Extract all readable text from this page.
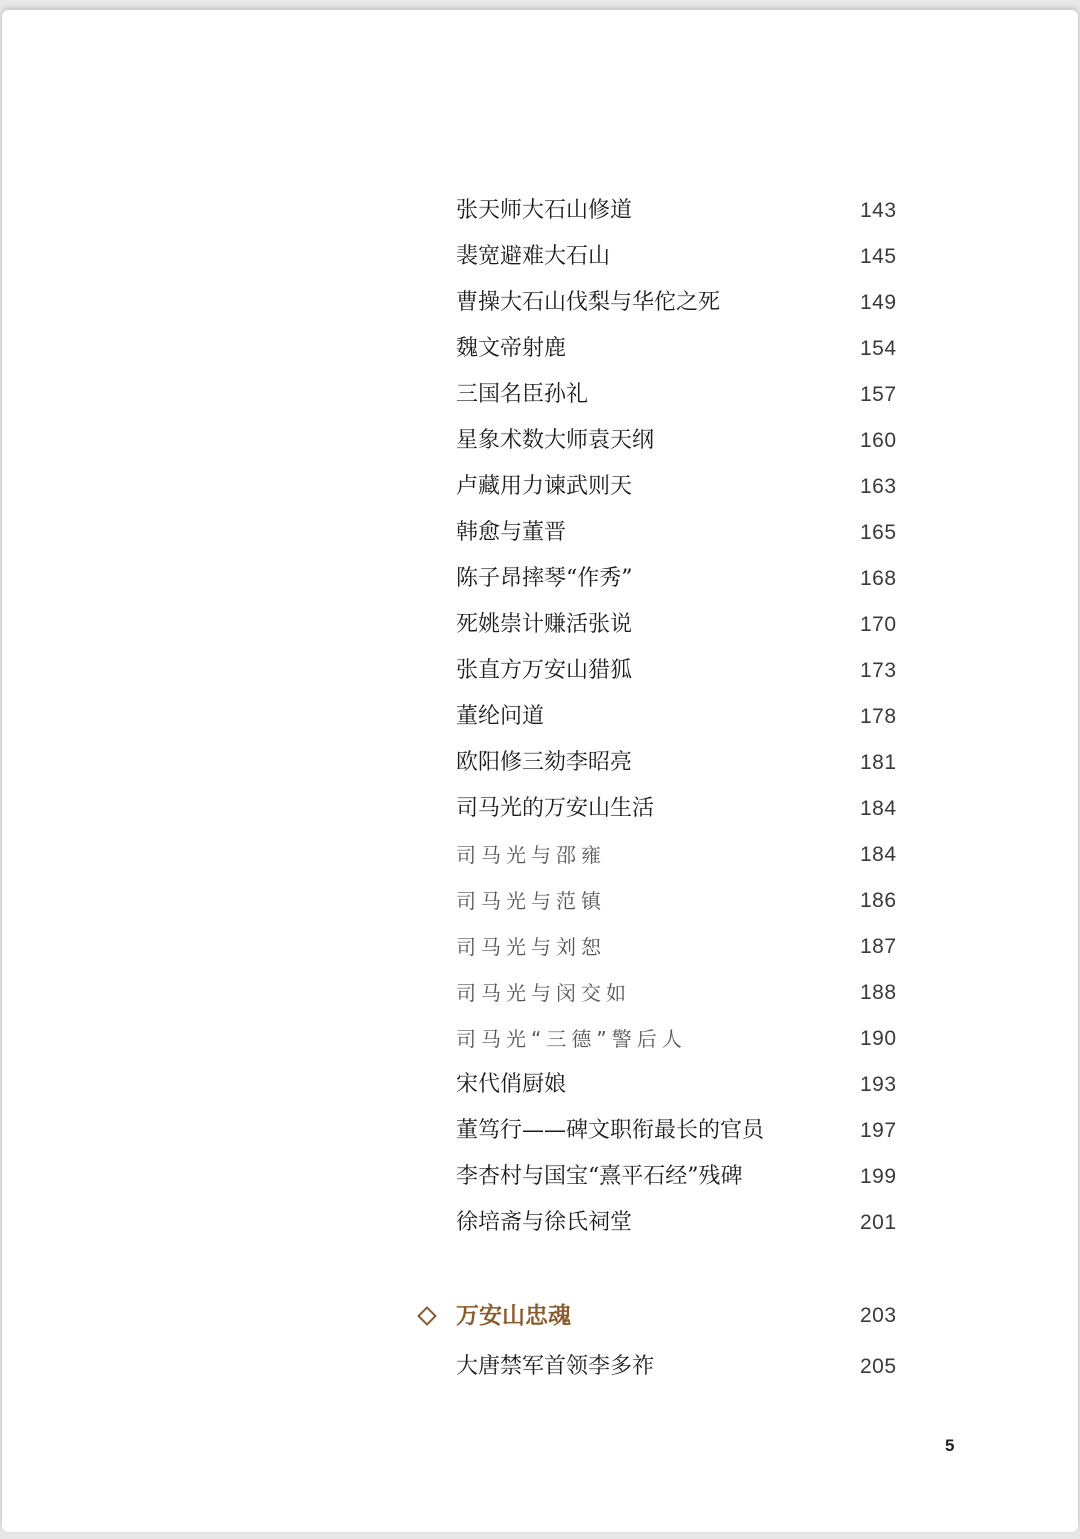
张天师大石山修道	143
裴宽避难大石山	145
曹操大石山伐梨与华佗之死	149
魏文帝射鹿	154
三国名臣孙礼	157
星象术数大师袁天纲	160
卢藏用力谏武则天	163
韩愈与董晋	165
陈子昂摔琴“作秀”	168
死姚崇计赚活张说	170
张直方万安山猎狐	173
董纶问道	178
欧阳修三劾李昭亮	181
司马光的万安山生活	184
司马光与邵雍	184
司马光与范镇	186
司马光与刘恕	187
司马光与闵交如	188
司马光“三德”警后人	190
宋代俏厨娘	193
董笃行——碑文职衔最长的官员	197
李杏村与国宝“熹平石经”残碑	199
徐培斋与徐氏祠堂	201
万安山忠魂	203
大唐禁军首领李多祚	205
5
